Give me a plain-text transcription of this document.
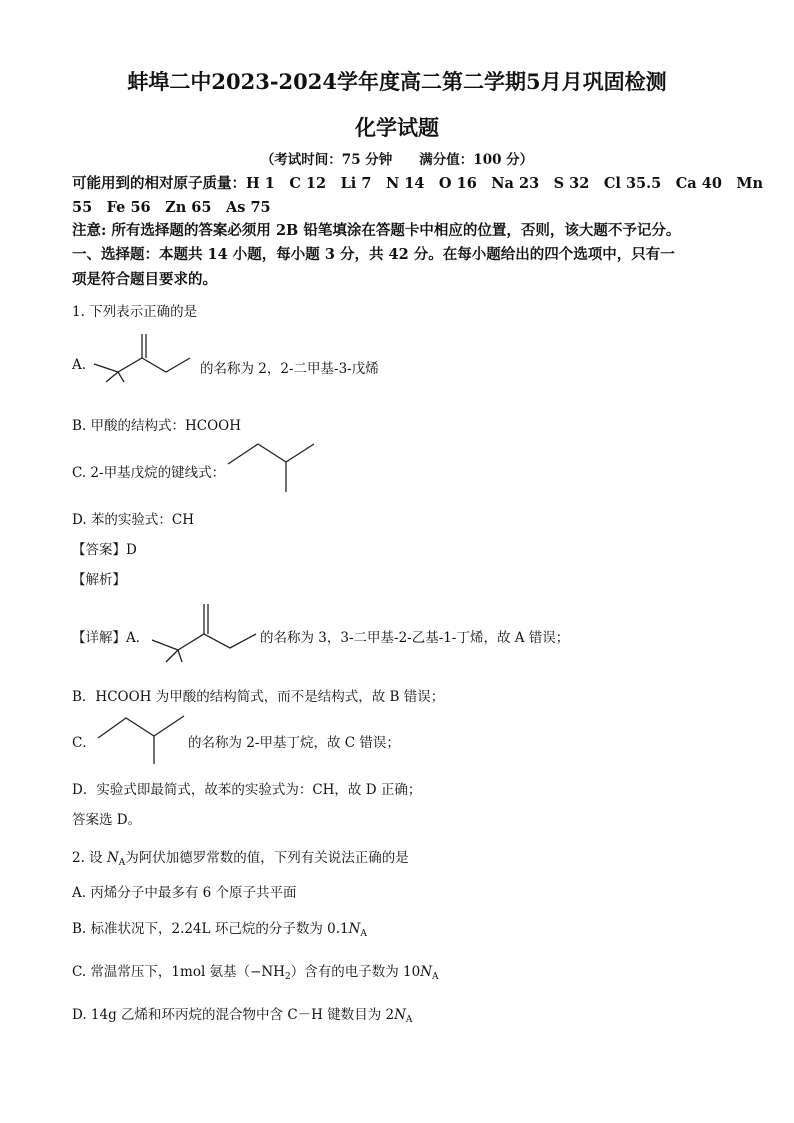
蚌埠二中2023-2024学年度高二第二学期5月月巩固检测
化学试题
（考试时间：75 分钟　　满分值：100 分）
可能用到的相对原子质量：H 1　C 12　Li 7　N 14　O 16　Na 23　S 32　Cl 35.5　Ca 40　Mn
55　Fe 56　Zn 65　As 75
注意: 所有选择题的答案必须用 2B 铅笔填涂在答题卡中相应的位置，否则，该大题不予记分。
一、选择题：本题共 14 小题，每小题 3 分，共 42 分。在每小题给出的四个选项中，只有一
项是符合题目要求的。
1. 下列表示正确的是
A.	的名称为 2，2-二甲基-3-戊烯
B. 甲酸的结构式：HCOOH
C. 2-甲基戊烷的键线式：
D. 苯的实验式：CH
【答案】D
【解析】
【详解】A．	的名称为 3，3-二甲基-2-乙基-1-丁烯，故 A 错误；
B．HCOOH 为甲酸的结构简式，而不是结构式，故 B 错误；
C．	的名称为 2-甲基丁烷，故 C 错误；
D．实验式即最简式，故苯的实验式为：CH，故 D 正确；
答案选 D。
2. 设 $N_A$为阿伏加德罗常数的值，下列有关说法正确的是
A. 丙烯分子中最多有 6 个原子共平面
B. 标准状况下，2.24L 环己烷的分子数为 $0.1N_A$
C. 常温常压下，1mol 氨基$(-NH_2)$含有的电子数为 $10N_A$
D. 14g 乙烯和环丙烷的混合物中含 C－H 键数目为 $2N_A$
